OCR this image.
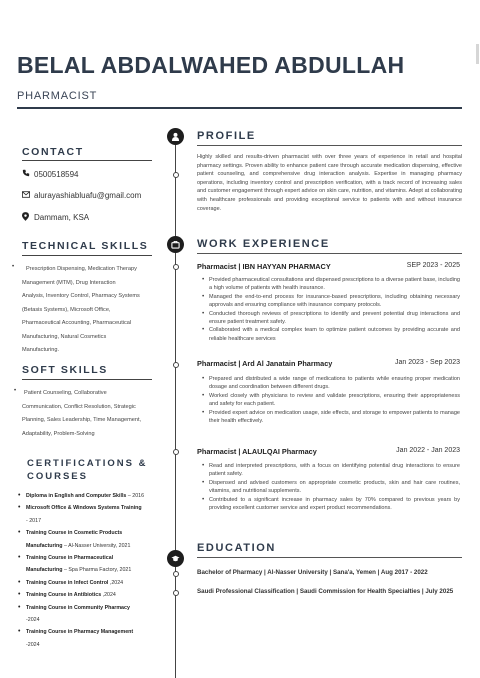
BELAL ABDALWAHED ABDULLAH
PHARMACIST
CONTACT
0500518594
alurayashiabluafu@gmail.com
Dammam, KSA
TECHNICAL SKILLS
•	Prescription Dispensing, Medication Therapy
Management (MTM), Drug Interaction
Analysis, Inventory Control, Pharmacy Systems
(Betasis Systems), Microsoft Office,
Pharmaceutical Accounting, Pharmaceutical
Manufacturing, Natural Cosmetics
Manufacturing.
SOFT SKILLS
•	Patient Counseling, Collaborative
Communication, Conflict Resolution, Strategic
Planning, Sales Leadership, Time Management,
Adaptability, Problem-Solving
CERTIFICATIONS &
COURSES
• Diploma in English and Computer Skills – 2016
• Microsoft Office & Windows Systems Training
- 2017
• Training Course in Cosmetic Products
Manufacturing – Al-Nasser University, 2021
• Training Course in Pharmaceutical
Manufacturing – Spa Pharma Factory, 2021
• Training Course in Infect Control ,2024
• Training Course in Antibiotics ,2024
• Training Course in Community Pharmacy
-2024
• Training Course in Pharmacy Management
-2024
PROFILE
Highly skilled and results-driven pharmacist with over three years of experience in retail and hospital pharmacy settings. Proven ability to enhance patient care through accurate medication dispensing, effective patient counseling, and comprehensive drug interaction analysis. Expertise in managing pharmacy operations, including inventory control and prescription verification, with a track record of increasing sales and customer engagement through expert advice on skin care, nutrition, and vitamins. Adept at collaborating with healthcare professionals and providing exceptional service to patients with and without insurance coverage.
WORK EXPERIENCE
Pharmacist | IBN HAYYAN PHARMACY	SEP 2023 - 2025
• Provided pharmaceutical consultations and dispensed prescriptions to a diverse patient base, including a high volume of patients with health insurance.
• Managed the end-to-end process for insurance-based prescriptions, including obtaining necessary approvals and ensuring compliance with insurance company protocols.
• Conducted thorough reviews of prescriptions to identify and prevent potential drug interactions and ensure patient treatment safety.
• Collaborated with a medical complex team to optimize patient outcomes by providing accurate and reliable healthcare services
Pharmacist | Ard Al Janatain Pharmacy	Jan 2023 - Sep 2023
• Prepared and distributed a wide range of medications to patients while ensuring proper medication dosage and coordination between different drugs.
• Worked closely with physicians to review and validate prescriptions, ensuring their appropriateness and safety for each patient.
• Provided expert advice on medication usage, side effects, and storage to empower patients to manage their health effectively.
Pharmacist | ALAULQAI Pharmacy	Jan 2022 - Jan 2023
• Read and interpreted prescriptions, with a focus on identifying potential drug interactions to ensure patient safety.
• Dispensed and advised customers on appropriate cosmetic products, skin and hair care routines, vitamins, and nutritional supplements.
• Contributed to a significant increase in pharmacy sales by 70% compared to previous years by providing excellent customer service and expert product recommendations.
EDUCATION
Bachelor of Pharmacy | Al-Nasser University | Sana'a, Yemen | Aug 2017 - 2022
Saudi Professional Classification | Saudi Commission for Health Specialties | July 2025
